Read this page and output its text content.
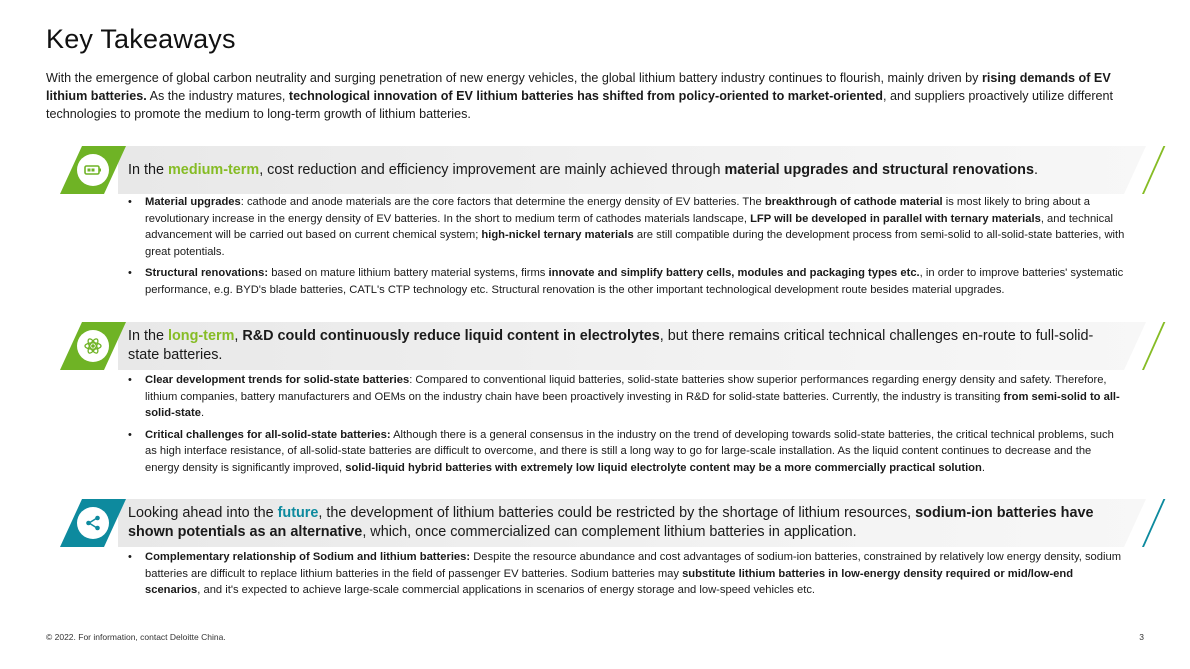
Key Takeaways

With the emergence of global carbon neutrality and surging penetration of new energy vehicles, the global lithium battery industry continues to flourish, mainly driven by rising demands of EV lithium batteries. As the industry matures, technological innovation of EV lithium batteries has shifted from policy-oriented to market-oriented, and suppliers proactively utilize different technologies to promote the medium to long-term growth of lithium batteries.

In the medium-term, cost reduction and efficiency improvement are mainly achieved through material upgrades and structural renovations.
• Material upgrades: cathode and anode materials are the core factors that determine the energy density of EV batteries. The breakthrough of cathode material is most likely to bring about a revolutionary increase in the energy density of EV batteries. In the short to medium term of cathodes materials landscape, LFP will be developed in parallel with ternary materials, and technical advancement will be carried out based on current chemical system; high-nickel ternary materials are still compatible during the development process from semi-solid to all-solid-state batteries, with great potentials.
• Structural renovations: based on mature lithium battery material systems, firms innovate and simplify battery cells, modules and packaging types etc., in order to improve batteries' systematic performance, e.g. BYD's blade batteries, CATL's CTP technology etc. Structural renovation is the other important technological development route besides material upgrades.
In the long-term, R&D could continuously reduce liquid content in electrolytes, but there remains critical technical challenges en-route to full-solid-state batteries.
• Clear development trends for solid-state batteries: Compared to conventional liquid batteries, solid-state batteries show superior performances regarding energy density and safety. Therefore, lithium companies, battery manufacturers and OEMs on the industry chain have been proactively investing in R&D for solid-state batteries. Currently, the industry is transiting from semi-solid to all-solid-state.
• Critical challenges for all-solid-state batteries: Although there is a general consensus in the industry on the trend of developing towards solid-state batteries, the critical technical problems, such as high interface resistance, of all-solid-state batteries are difficult to overcome, and there is still a long way to go for large-scale installation. As the liquid content continues to decrease and the energy density is significantly improved, solid-liquid hybrid batteries with extremely low liquid electrolyte content may be a more commercially practical solution.
Looking ahead into the future, the development of lithium batteries could be restricted by the shortage of lithium resources, sodium-ion batteries have shown potentials as an alternative, which, once commercialized can complement lithium batteries in application.
• Complementary relationship of Sodium and lithium batteries: Despite the resource abundance and cost advantages of sodium-ion batteries, constrained by relatively low energy density, sodium batteries are difficult to replace lithium batteries in the field of passenger EV batteries. Sodium batteries may substitute lithium batteries in low-energy density required or mid/low-end scenarios, and it's expected to achieve large-scale commercial applications in scenarios of energy storage and low-speed vehicles etc.
© 2022. For information, contact Deloitte China.	3
